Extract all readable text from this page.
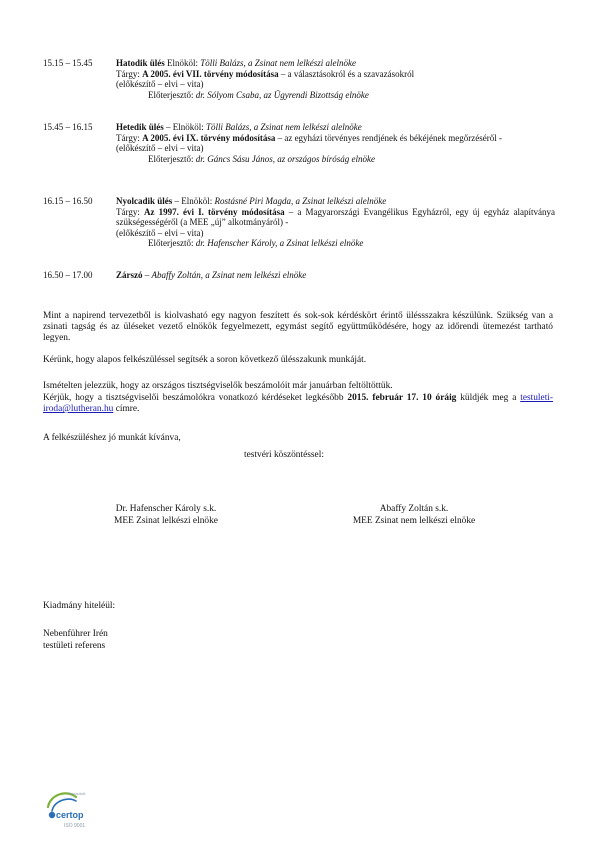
15.15 – 15.45	Hatodik ülés Elnököl: Tölli Balázs, a Zsinat nem lelkészi alelnöke
Tárgy: A 2005. évi VII. törvény módosítása – a választásokról és a szavazásokról
(előkészítő – elvi – vita)
Előterjesztő: dr. Sólyom Csaba, az Ügyrendi Bizottság elnöke
15.45 – 16.15	Hetedik ülés – Elnököl: Tölli Balázs, a Zsinat nem lelkészi alelnöke
Tárgy: A 2005. évi IX. törvény módosítása – az egyházi törvényes rendjének és békéjének megőrzéséről -
(előkészítő – elvi – vita)
Előterjesztő: dr. Gáncs Sásu János, az országos bíróság elnöke
16.15 – 16.50	Nyolcadik ülés – Elnököl: Rostásné Piri Magda, a Zsinat lelkészi alelnöke
Tárgy: Az 1997. évi I. törvény módosítása – a Magyarországi Evangélikus Egyházról, egy új egyház alapítványa szükségességéről (a MEE „új” alkotmányáról) -
(előkészítő – elvi – vita)
Előterjesztő: dr. Hafenscher Károly, a Zsinat lelkészi elnöke
16.50 – 17.00	Zárszó – Abaffy Zoltán, a Zsinat nem lelkészi elnöke
Mint a napirend tervezetből is kiolvasható egy nagyon feszített és sok-sok kérdéskört érintő üléssszakra készülünk. Szükség van a zsinati tagság és az üléseket vezető elnökök fegyelmezett, egymást segítő együttműködésére, hogy az időrendi ütemezést tartható legyen.
Kérünk, hogy alapos felkészüléssel segítsék a soron következő ülésszakunk munkáját.
Ismételten jelezzük, hogy az országos tisztségviselők beszámolóit már januárban feltöltöttük.
Kérjük, hogy a tisztségviselői beszámolókra vonatkozó kérdéseket legkésőbb 2015. február 17. 10 óráig küldjék meg a testuleti-iroda@lutheran.hu címre.
A felkészüléshez jó munkát kívánva,
testvéri köszöntéssel:
Dr. Hafenscher Károly s.k.
MEE Zsinat lelkészi elnöke
Abaffy Zoltán s.k.
MEE Zsinat nem lelkészi elnöke
Kiadmány hiteléül:
Nebenführer Irén
testületi referens
Tanúsított
certop
ISO 9001
